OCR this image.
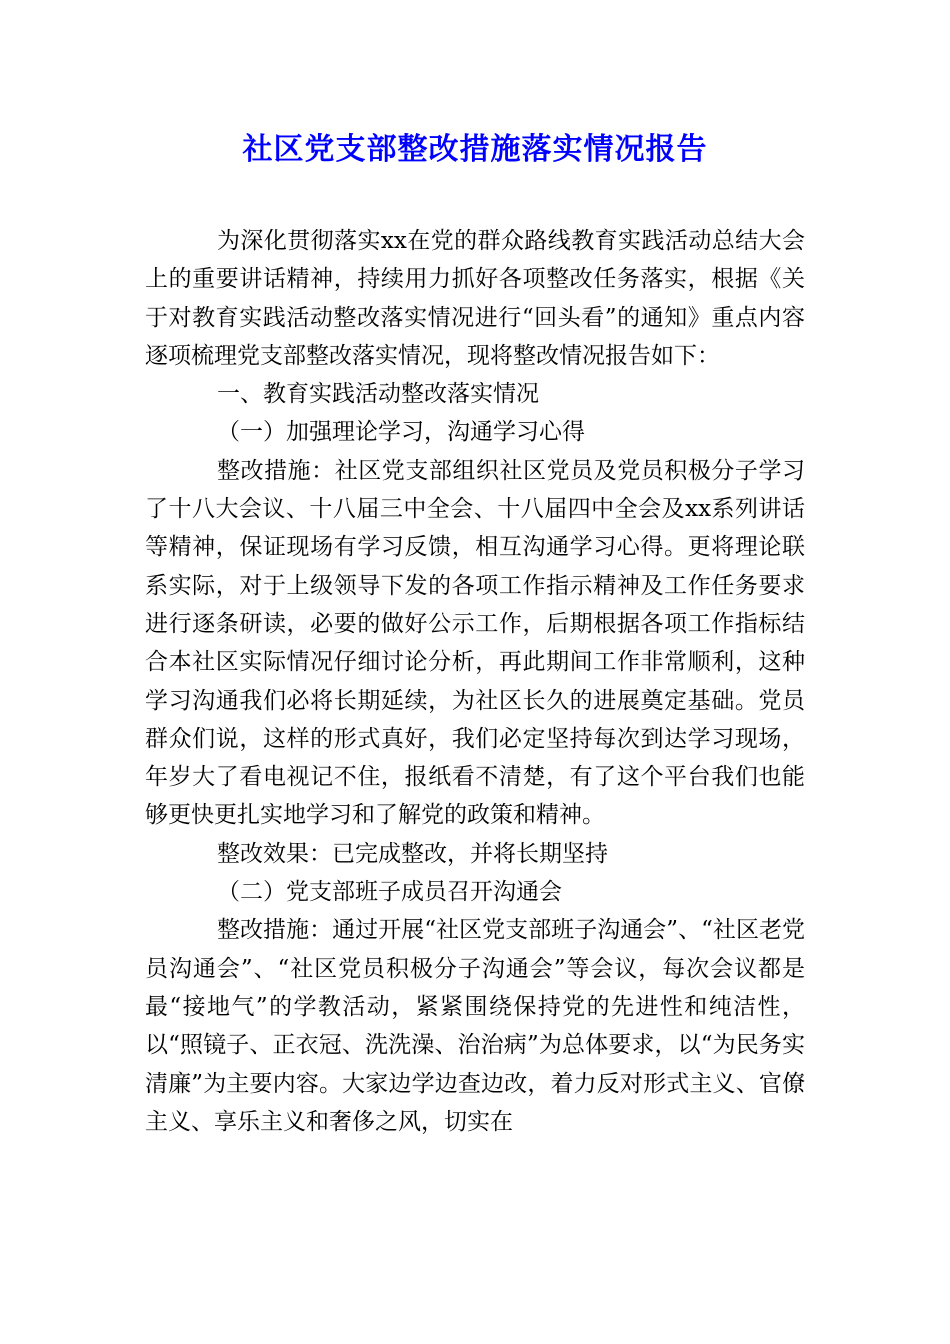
社区党支部整改措施落实情况报告

为深化贯彻落实xx在党的群众路线教育实践活动总结大会上的重要讲话精神，持续用力抓好各项整改任务落实，根据《关于对教育实践活动整改落实情况进行“回头看”的通知》重点内容逐项梳理党支部整改落实情况，现将整改情况报告如下：

一、教育实践活动整改落实情况

（一）加强理论学习，沟通学习心得

整改措施：社区党支部组织社区党员及党员积极分子学习了十八大会议、十八届三中全会、十八届四中全会及xx系列讲话等精神，保证现场有学习反馈，相互沟通学习心得。更将理论联系实际，对于上级领导下发的各项工作指示精神及工作任务要求进行逐条研读，必要的做好公示工作，后期根据各项工作指标结合本社区实际情况仔细讨论分析，再此期间工作非常顺利，这种学习沟通我们必将长期延续，为社区长久的进展奠定基础。党员群众们说，这样的形式真好，我们必定坚持每次到达学习现场，年岁大了看电视记不住，报纸看不清楚，有了这个平台我们也能够更快更扎实地学习和了解党的政策和精神。

整改效果：已完成整改，并将长期坚持

（二）党支部班子成员召开沟通会

整改措施：通过开展“社区党支部班子沟通会”、“社区老党员沟通会”、“社区党员积极分子沟通会”等会议，每次会议都是最“接地气”的学教活动，紧紧围绕保持党的先进性和纯洁性，以“照镜子、正衣冠、洗洗澡、治治病”为总体要求，以“为民务实清廉”为主要内容。大家边学边查边改，着力反对形式主义、官僚主义、享乐主义和奢侈之风，切实在
